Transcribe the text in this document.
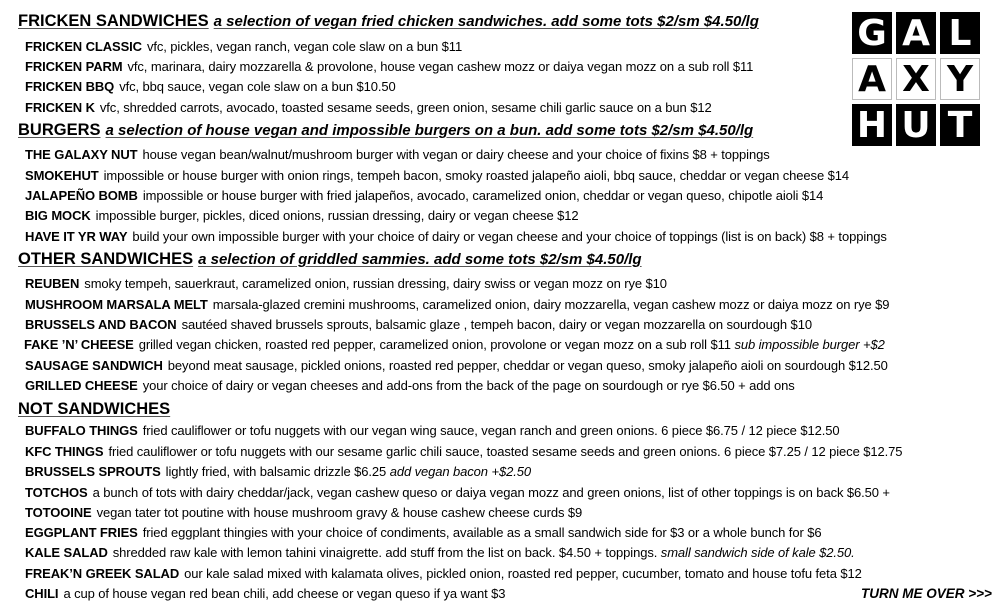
FRICKEN SANDWICHES a selection of vegan fried chicken sandwiches. add some tots $2/sm $4.50/lg
FRICKEN CLASSIC vfc, pickles, vegan ranch, vegan cole slaw on a bun $11
FRICKEN PARM vfc, marinara, dairy mozzarella & provolone, house vegan cashew mozz or daiya vegan mozz on a sub roll $11
FRICKEN BBQ vfc, bbq sauce, vegan cole slaw on a bun $10.50
FRICKEN K vfc, shredded carrots, avocado, toasted sesame seeds, green onion, sesame chili garlic sauce on a bun $12
BURGERS a selection of house vegan and impossible burgers on a bun. add some tots $2/sm $4.50/lg
THE GALAXY NUT house vegan bean/walnut/mushroom burger with vegan or dairy cheese and your choice of fixins $8 + toppings
SMOKEHUT impossible or house burger with onion rings, tempeh bacon, smoky roasted jalapeño aioli, bbq sauce, cheddar or vegan cheese $14
JALAPEÑO BOMB impossible or house burger with fried jalapeños, avocado, caramelized onion, cheddar or vegan queso, chipotle aioli $14
BIG MOCK impossible burger, pickles, diced onions, russian dressing, dairy or vegan cheese $12
HAVE IT YR WAY build your own impossible burger with your choice of dairy or vegan cheese and your choice of toppings (list is on back) $8 + toppings
OTHER SANDWICHES a selection of griddled sammies. add some tots $2/sm $4.50/lg
REUBEN smoky tempeh, sauerkraut, caramelized onion, russian dressing, dairy swiss or vegan mozz on rye $10
MUSHROOM MARSALA MELT marsala-glazed cremini mushrooms, caramelized onion, dairy mozzarella, vegan cashew mozz or daiya mozz on rye $9
BRUSSELS AND BACON sautéed shaved brussels sprouts, balsamic glaze , tempeh bacon, dairy or vegan mozzarella on sourdough $10
FAKE ’N’ CHEESE grilled vegan chicken, roasted red pepper, caramelized onion, provolone or vegan mozz on a sub roll $11 sub impossible burger +$2
SAUSAGE SANDWICH beyond meat sausage, pickled onions, roasted red pepper, cheddar or vegan queso, smoky jalapeño aioli on sourdough $12.50
GRILLED CHEESE your choice of dairy or vegan cheeses and add-ons from the back of the page on sourdough or rye $6.50 + add ons
NOT SANDWICHES
BUFFALO THINGS fried cauliflower or tofu nuggets with our vegan wing sauce, vegan ranch and green onions. 6 piece $6.75 / 12 piece $12.50
KFC THINGS fried cauliflower or tofu nuggets with our sesame garlic chili sauce, toasted sesame seeds and green onions. 6 piece $7.25 / 12 piece $12.75
BRUSSELS SPROUTS lightly fried, with balsamic drizzle $6.25 add vegan bacon +$2.50
TOTCHOS a bunch of tots with dairy cheddar/jack, vegan cashew queso or daiya vegan mozz and green onions, list of other toppings is on back $6.50 +
TOTOOINE vegan tater tot poutine with house mushroom gravy & house cashew cheese curds $9
EGGPLANT FRIES fried eggplant thingies with your choice of condiments, available as a small sandwich side for $3 or a whole bunch for $6
KALE SALAD shredded raw kale with lemon tahini vinaigrette. add stuff from the list on back. $4.50 + toppings. small sandwich side of kale $2.50.
FREAK’N GREEK SALAD our kale salad mixed with kalamata olives, pickled onion, roasted red pepper, cucumber, tomato and house tofu feta $12
CHILI a cup of house vegan red bean chili, add cheese or vegan queso if ya want $3
G A L
A X Y
H U T
TURN ME OVER >>>
